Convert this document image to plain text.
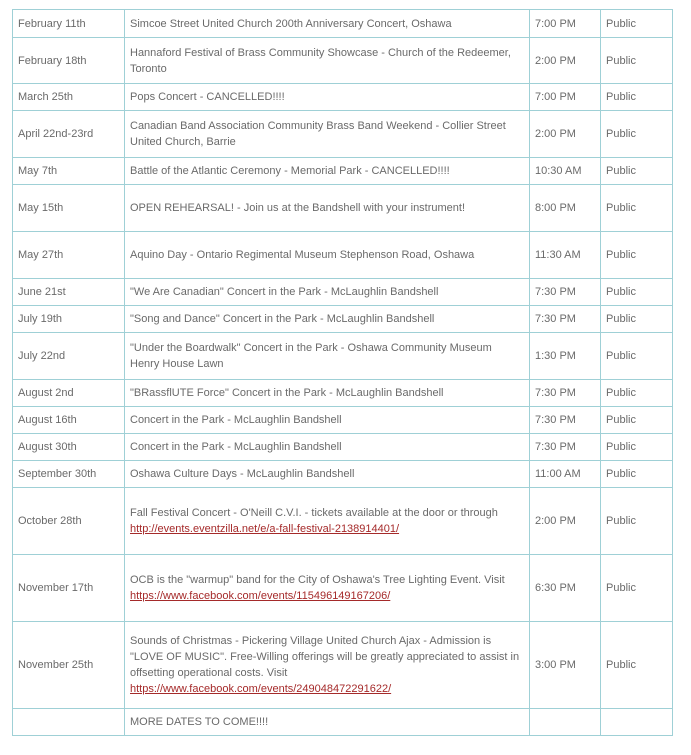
February 11th	Simcoe Street United Church 200th Anniversary Concert, Oshawa	7:00 PM	Public
February 18th	Hannaford Festival of Brass Community Showcase - Church of the Redeemer, Toronto	2:00 PM	Public
March 25th	Pops Concert - CANCELLED!!!!	7:00 PM	Public
April 22nd-23rd	Canadian Band Association Community Brass Band Weekend - Collier Street United Church, Barrie	2:00 PM	Public
May 7th	Battle of the Atlantic Ceremony - Memorial Park - CANCELLED!!!!	10:30 AM	Public
May 15th	OPEN REHEARSAL! - Join us at the Bandshell with your instrument!	8:00 PM	Public
May 27th	Aquino Day - Ontario Regimental Museum Stephenson Road, Oshawa	11:30 AM	Public
June 21st	"We Are Canadian" Concert in the Park - McLaughlin Bandshell	7:30 PM	Public
July 19th	"Song and Dance" Concert in the Park - McLaughlin Bandshell	7:30 PM	Public
July 22nd	"Under the Boardwalk" Concert in the Park - Oshawa Community Museum Henry House Lawn	1:30 PM	Public
August 2nd	"BRassflUTE Force" Concert in the Park - McLaughlin Bandshell	7:30 PM	Public
August 16th	Concert in the Park - McLaughlin Bandshell	7:30 PM	Public
August 30th	Concert in the Park - McLaughlin Bandshell	7:30 PM	Public
September 30th	Oshawa Culture Days - McLaughlin Bandshell	11:00 AM	Public
October 28th	Fall Festival Concert - O'Neill C.V.I. - tickets available at the door or through http://events.eventzilla.net/e/a-fall-festival-2138914401/	2:00 PM	Public
November 17th	OCB is the "warmup" band for the City of Oshawa's Tree Lighting Event. Visit https://www.facebook.com/events/115496149167206/	6:30 PM	Public
November 25th	Sounds of Christmas - Pickering Village United Church Ajax - Admission is "LOVE OF MUSIC". Free-Willing offerings will be greatly appreciated to assist in offsetting operational costs. Visit https://www.facebook.com/events/249048472291622/	3:00 PM	Public
	MORE DATES TO COME!!!!		
